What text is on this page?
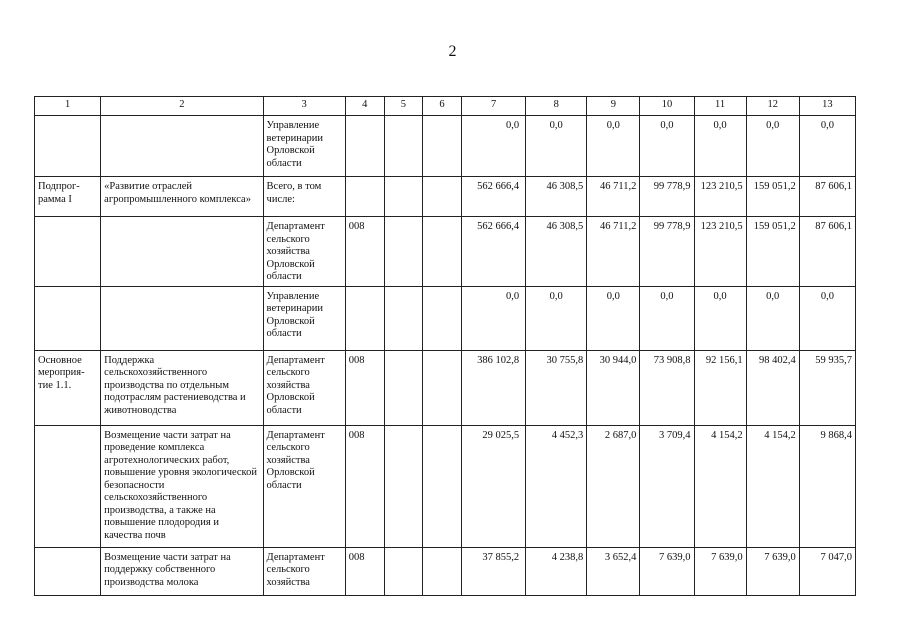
2
1	2	3	4	5	6	7	8	9	10	11	12	13
		Управление ветеринарии Орловской области				0,0	0,0	0,0	0,0	0,0	0,0	0,0
Подпрог-рамма I	«Развитие отраслей агропромышленного комплекса»	Всего, в том числе:				562 666,4	46 308,5	46 711,2	99 778,9	123 210,5	159 051,2	87 606,1
		Департамент сельского хозяйства Орловской области	008			562 666,4	46 308,5	46 711,2	99 778,9	123 210,5	159 051,2	87 606,1
		Управление ветеринарии Орловской области				0,0	0,0	0,0	0,0	0,0	0,0	0,0
Основное мероприя-тие 1.1.	Поддержка сельскохозяйственного производства по отдельным подотраслям растениеводства и животноводства	Департамент сельского хозяйства Орловской области	008			386 102,8	30 755,8	30 944,0	73 908,8	92 156,1	98 402,4	59 935,7
	Возмещение части затрат на проведение комплекса агротехнологических работ, повышение уровня экологической безопасности сельскохозяйственного производства, а также на повышение плодородия и качества почв	Департамент сельского хозяйства Орловской области	008			29 025,5	4 452,3	2 687,0	3 709,4	4 154,2	4 154,2	9 868,4
	Возмещение части затрат на поддержку собственного производства молока	Департамент сельского хозяйства	008			37 855,2	4 238,8	3 652,4	7 639,0	7 639,0	7 639,0	7 047,0
